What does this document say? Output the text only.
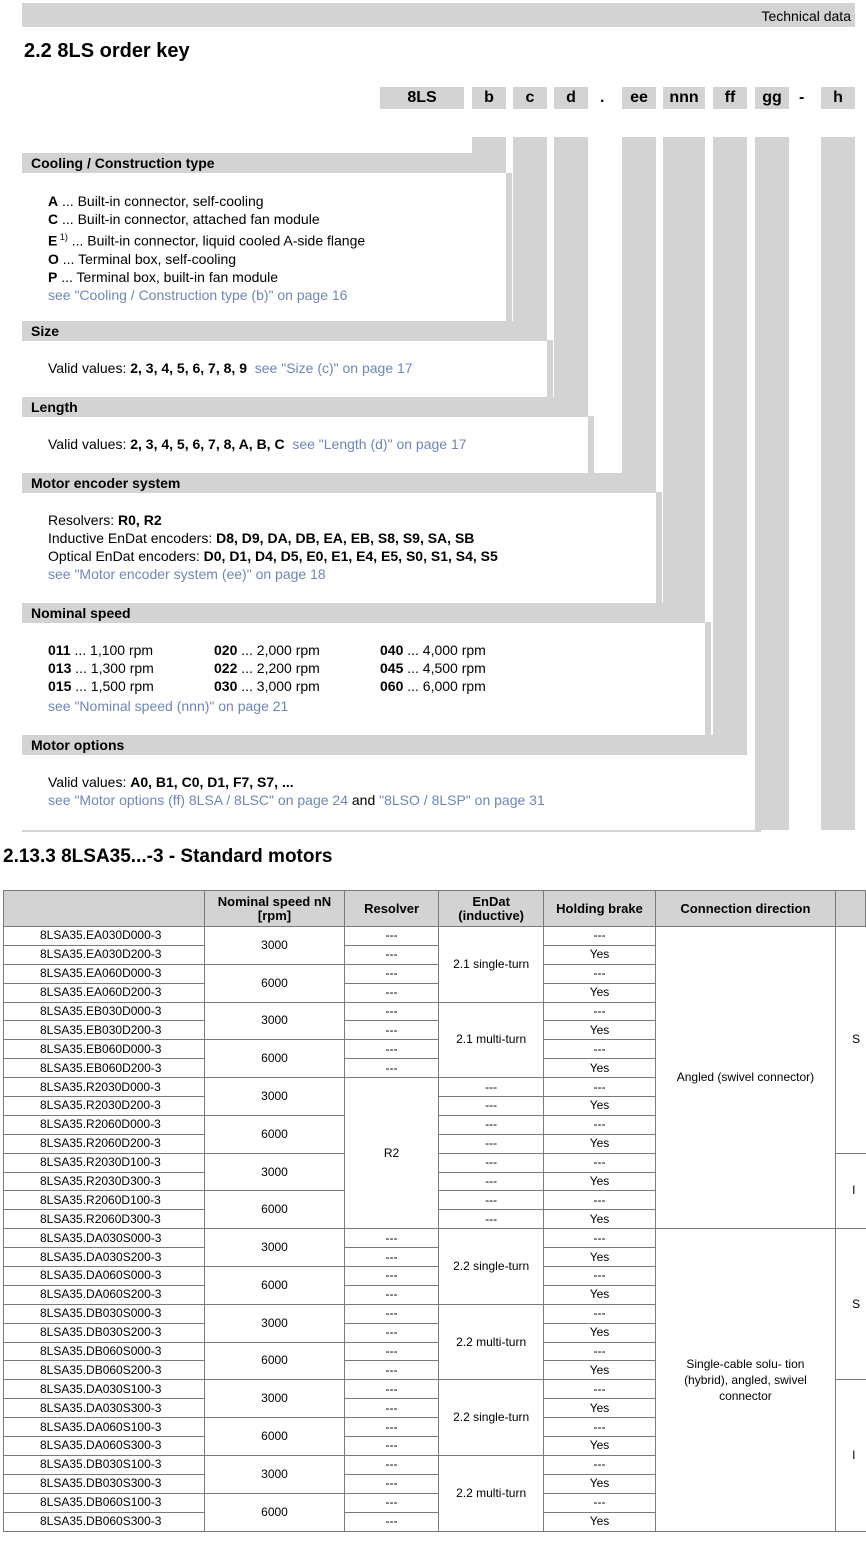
Technical data
2.2 8LS order key
8LS	b	c	d	.	ee	nnn	ff	gg	-	h
Cooling / Construction type
A ... Built-in connector, self-cooling
C ... Built-in connector, attached fan module
E $^{1)}$ ... Built-in connector, liquid cooled A-side flange
O ... Terminal box, self-cooling
P ... Terminal box, built-in fan module
see "Cooling / Construction type (b)" on page 16
Size
Valid values: 2, 3, 4, 5, 6, 7, 8, 9 see "Size (c)" on page 17
Length
Valid values: 2, 3, 4, 5, 6, 7, 8, A, B, C see "Length (d)" on page 17
Motor encoder system
Resolvers: R0, R2
Inductive EnDat encoders: D8, D9, DA, DB, EA, EB, S8, S9, SA, SB
Optical EnDat encoders: D0, D1, D4, D5, E0, E1, E4, E5, S0, S1, S4, S5
see "Motor encoder system (ee)" on page 18
Nominal speed
011 ... 1,100 rpm
013 ... 1,300 rpm
015 ... 1,500 rpm
020 ... 2,000 rpm
022 ... 2,200 rpm
030 ... 3,000 rpm
040 ... 4,000 rpm
045 ... 4,500 rpm
060 ... 6,000 rpm
see "Nominal speed (nnn)" on page 21
Motor options
Valid values: A0, B1, C0, D1, F7, S7, ...
see "Motor options (ff) 8LSA / 8LSC" on page 24 and "8LSO / 8LSP" on page 31
2.13.3 8LSA35...-3 - Standard motors
	Nominal speed nN [rpm]	Resolver	EnDat (inductive)	Holding brake	Connection direction	
8LSA35.EA030D000-3	3000	---	2.1 single-turn	---	Angled (swivel connector)	S
8LSA35.EA030D200-3		---		Yes		
8LSA35.EA060D000-3	6000	---		---		
8LSA35.EA060D200-3		---		Yes		
8LSA35.EB030D000-3	3000	---	2.1 multi-turn	---		
8LSA35.EB030D200-3		---		Yes		
8LSA35.EB060D000-3	6000	---		---		
8LSA35.EB060D200-3		---		Yes		
8LSA35.R2030D000-3	3000	R2	---	---		
8LSA35.R2030D200-3			---	Yes		
8LSA35.R2060D000-3	6000		---	---		
8LSA35.R2060D200-3			---	Yes		
8LSA35.R2030D100-3	3000		---	---		I
8LSA35.R2030D300-3			---	Yes		
8LSA35.R2060D100-3	6000		---	---		
8LSA35.R2060D300-3			---	Yes		
8LSA35.DA030S000-3	3000	---	2.2 single-turn	---	Single-cable solu- tion (hybrid), angled, swivel connector	S
8LSA35.DA030S200-3		---		Yes		
8LSA35.DA060S000-3	6000	---		---		
8LSA35.DA060S200-3		---		Yes		
8LSA35.DB030S000-3	3000	---	2.2 multi-turn	---		
8LSA35.DB030S200-3		---		Yes		
8LSA35.DB060S000-3	6000	---		---		
8LSA35.DB060S200-3		---		Yes		
8LSA35.DA030S100-3	3000	---	2.2 single-turn	---		I
8LSA35.DA030S300-3		---		Yes		
8LSA35.DA060S100-3	6000	---		---		
8LSA35.DA060S300-3		---		Yes		
8LSA35.DB030S100-3	3000	---	2.2 multi-turn	---		
8LSA35.DB030S300-3		---		Yes		
8LSA35.DB060S100-3	6000	---		---		
8LSA35.DB060S300-3		---		Yes		
